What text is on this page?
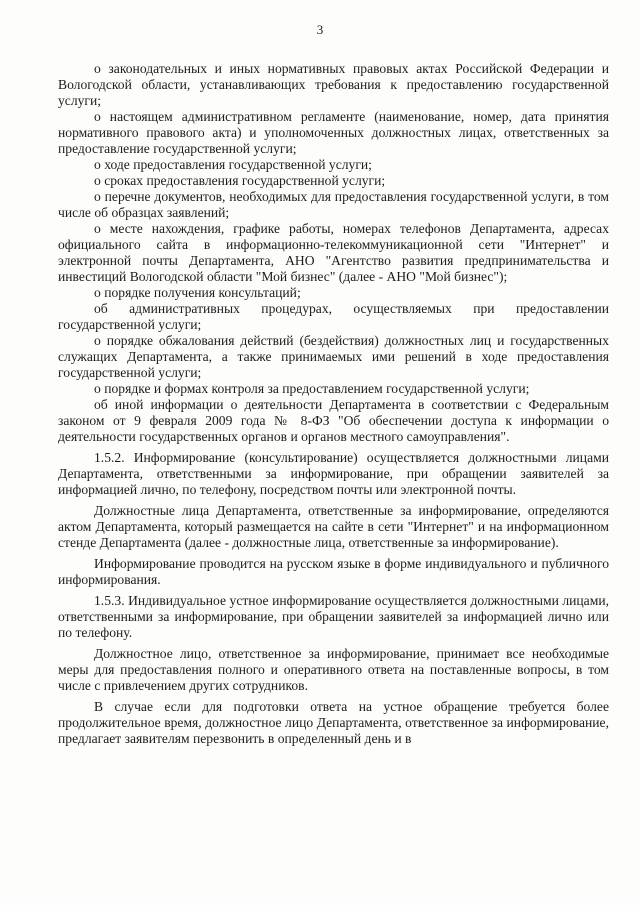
3

о законодательных и иных нормативных правовых актах Российской Федерации и Вологодской области, устанавливающих требования к предоставлению государственной услуги;

о настоящем административном регламенте (наименование, номер, дата принятия нормативного правового акта) и уполномоченных должностных лицах, ответственных за предоставление государственной услуги;

о ходе предоставления государственной услуги;

о сроках предоставления государственной услуги;

о перечне документов, необходимых для предоставления государственной услуги, в том числе об образцах заявлений;

о месте нахождения, графике работы, номерах телефонов Департамента, адресах официального сайта в информационно-телекоммуникационной сети "Интернет" и электронной почты Департамента, АНО "Агентство развития предпринимательства и инвестиций Вологодской области "Мой бизнес" (далее - АНО "Мой бизнес");

о порядке получения консультаций;

об административных процедурах, осуществляемых при предоставлении государственной услуги;

о порядке обжалования действий (бездействия) должностных лиц и государственных служащих Департамента, а также принимаемых ими решений в ходе предоставления государственной услуги;

о порядке и формах контроля за предоставлением государственной услуги;

об иной информации о деятельности Департамента в соответствии с Федеральным законом от 9 февраля 2009 года № 8-ФЗ "Об обеспечении доступа к информации о деятельности государственных органов и органов местного самоуправления".

1.5.2. Информирование (консультирование) осуществляется должностными лицами Департамента, ответственными за информирование, при обращении заявителей за информацией лично, по телефону, посредством почты или электронной почты.

Должностные лица Департамента, ответственные за информирование, определяются актом Департамента, который размещается на сайте в сети "Интернет" и на информационном стенде Департамента (далее - должностные лица, ответственные за информирование).

Информирование проводится на русском языке в форме индивидуального и публичного информирования.

1.5.3. Индивидуальное устное информирование осуществляется должностными лицами, ответственными за информирование, при обращении заявителей за информацией лично или по телефону.

Должностное лицо, ответственное за информирование, принимает все необходимые меры для предоставления полного и оперативного ответа на поставленные вопросы, в том числе с привлечением других сотрудников.

В случае если для подготовки ответа на устное обращение требуется более продолжительное время, должностное лицо Департамента, ответственное за информирование, предлагает заявителям перезвонить в определенный день и в
